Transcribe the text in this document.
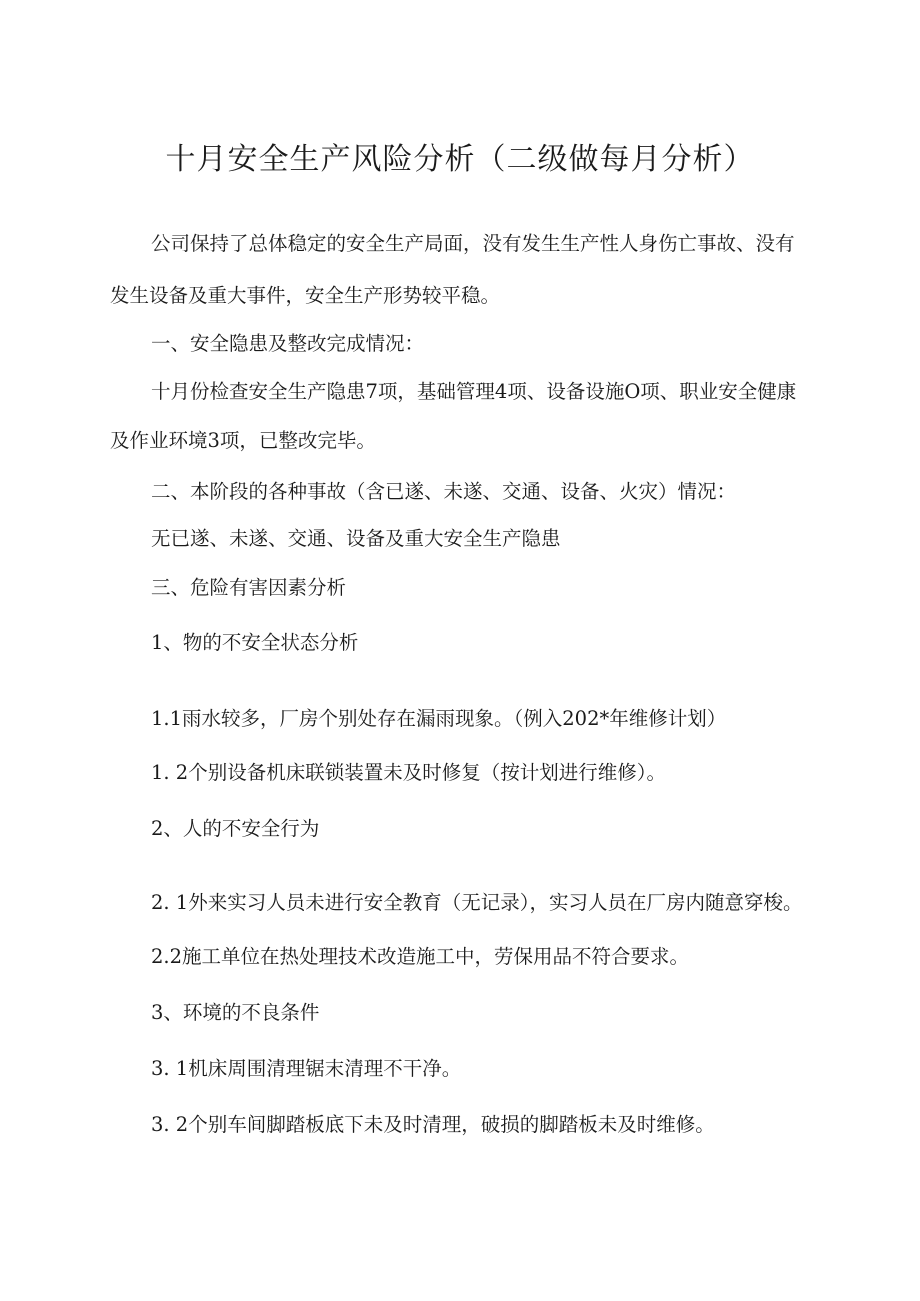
十月安全生产风险分析（二级做每月分析）

公司保持了总体稳定的安全生产局面，没有发生生产性人身伤亡事故、没有

发生设备及重大事件，安全生产形势较平稳。

一、安全隐患及整改完成情况：

十月份检查安全生产隐患7项，基础管理4项、设备设施O项、职业安全健康

及作业环境3项，已整改完毕。

二、本阶段的各种事故（含已遂、未遂、交通、设备、火灾）情况：

无已遂、未遂、交通、设备及重大安全生产隐患

三、危险有害因素分析

1、物的不安全状态分析

1.1雨水较多，厂房个别处存在漏雨现象。（例入202*年维修计划）

1. 2个别设备机床联锁装置未及时修复（按计划进行维修）。

2、人的不安全行为

2. 1外来实习人员未进行安全教育（无记录），实习人员在厂房内随意穿梭。

2.2施工单位在热处理技术改造施工中，劳保用品不符合要求。

3、环境的不良条件

3. 1机床周围清理锯末清理不干净。

3. 2个别车间脚踏板底下未及时清理，破损的脚踏板未及时维修。
